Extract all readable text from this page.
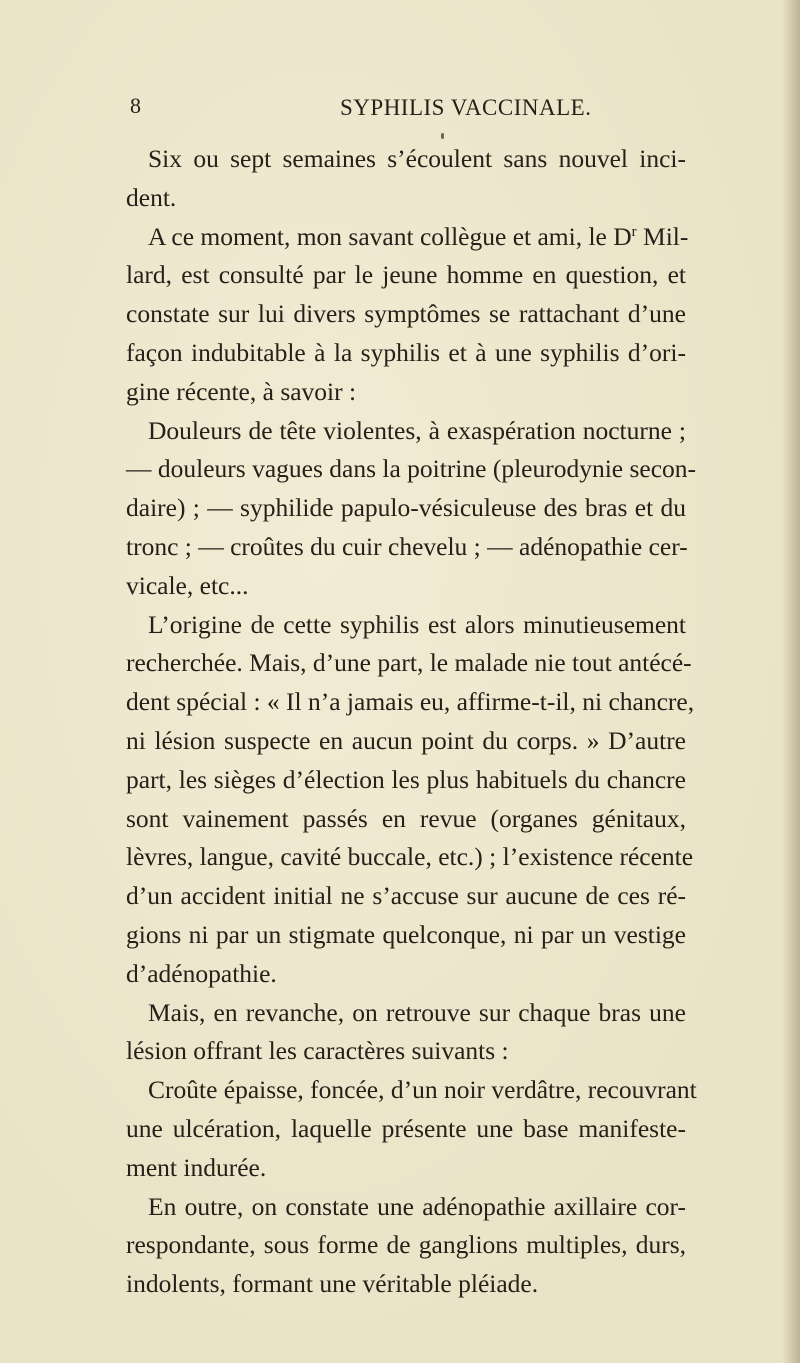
8	SYPHILIS VACCINALE.
Six ou sept semaines s’écoulent sans nouvel inci-
dent.
A ce moment, mon savant collègue et ami, le $D^r$ Mil-
lard, est consulté par le jeune homme en question, et
constate sur lui divers symptômes se rattachant d’une
façon indubitable à la syphilis et à une syphilis d’ori-
gine récente, à savoir :
Douleurs de tête violentes, à exaspération nocturne ;
— douleurs vagues dans la poitrine (pleurodynie secon-
daire) ; — syphilide papulo-vésiculeuse des bras et du
tronc ; — croûtes du cuir chevelu ; — adénopathie cer-
vicale, etc...
L’origine de cette syphilis est alors minutieusement
recherchée. Mais, d’une part, le malade nie tout antécé-
dent spécial : « Il n’a jamais eu, affirme-t-il, ni chancre,
ni lésion suspecte en aucun point du corps. » D’autre
part, les sièges d’élection les plus habituels du chancre
sont vainement passés en revue (organes génitaux,
lèvres, langue, cavité buccale, etc.) ; l’existence récente
d’un accident initial ne s’accuse sur aucune de ces ré-
gions ni par un stigmate quelconque, ni par un vestige
d’adénopathie.
Mais, en revanche, on retrouve sur chaque bras une
lésion offrant les caractères suivants :
Croûte épaisse, foncée, d’un noir verdâtre, recouvrant
une ulcération, laquelle présente une base manifeste-
ment indurée.
En outre, on constate une adénopathie axillaire cor-
respondante, sous forme de ganglions multiples, durs,
indolents, formant une véritable pléiade.
